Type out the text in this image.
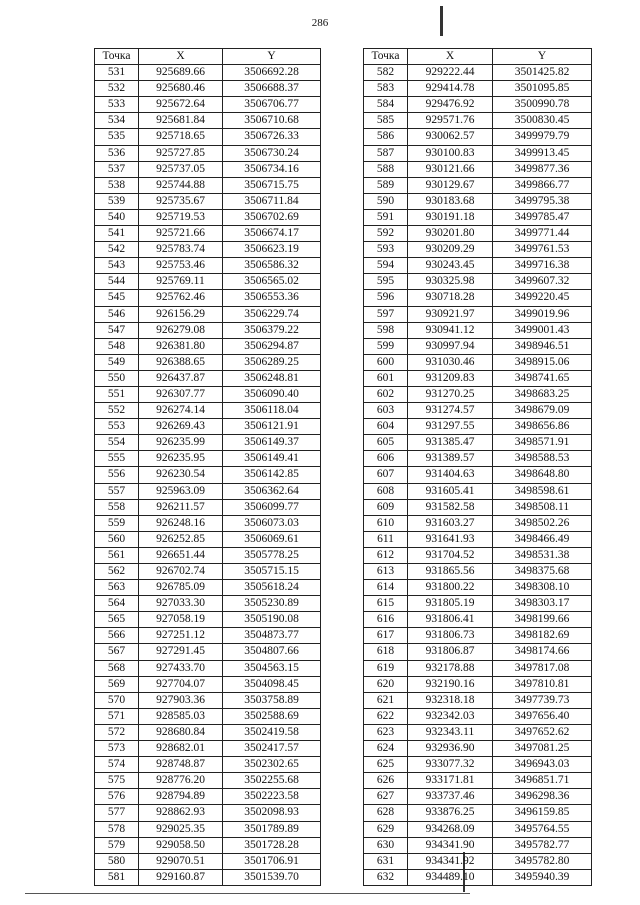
286
Точка	X	Y
531	925689.66	3506692.28
532	925680.46	3506688.37
533	925672.64	3506706.77
534	925681.84	3506710.68
535	925718.65	3506726.33
536	925727.85	3506730.24
537	925737.05	3506734.16
538	925744.88	3506715.75
539	925735.67	3506711.84
540	925719.53	3506702.69
541	925721.66	3506674.17
542	925783.74	3506623.19
543	925753.46	3506586.32
544	925769.11	3506565.02
545	925762.46	3506553.36
546	926156.29	3506229.74
547	926279.08	3506379.22
548	926381.80	3506294.87
549	926388.65	3506289.25
550	926437.87	3506248.81
551	926307.77	3506090.40
552	926274.14	3506118.04
553	926269.43	3506121.91
554	926235.99	3506149.37
555	926235.95	3506149.41
556	926230.54	3506142.85
557	925963.09	3506362.64
558	926211.57	3506099.77
559	926248.16	3506073.03
560	926252.85	3506069.61
561	926651.44	3505778.25
562	926702.74	3505715.15
563	926785.09	3505618.24
564	927033.30	3505230.89
565	927058.19	3505190.08
566	927251.12	3504873.77
567	927291.45	3504807.66
568	927433.70	3504563.15
569	927704.07	3504098.45
570	927903.36	3503758.89
571	928585.03	3502588.69
572	928680.84	3502419.58
573	928682.01	3502417.57
574	928748.87	3502302.65
575	928776.20	3502255.68
576	928794.89	3502223.58
577	928862.93	3502098.93
578	929025.35	3501789.89
579	929058.50	3501728.28
580	929070.51	3501706.91
581	929160.87	3501539.70
Точка	X	Y
582	929222.44	3501425.82
583	929414.78	3501095.85
584	929476.92	3500990.78
585	929571.76	3500830.45
586	930062.57	3499979.79
587	930100.83	3499913.45
588	930121.66	3499877.36
589	930129.67	3499866.77
590	930183.68	3499795.38
591	930191.18	3499785.47
592	930201.80	3499771.44
593	930209.29	3499761.53
594	930243.45	3499716.38
595	930325.98	3499607.32
596	930718.28	3499220.45
597	930921.97	3499019.96
598	930941.12	3499001.43
599	930997.94	3498946.51
600	931030.46	3498915.06
601	931209.83	3498741.65
602	931270.25	3498683.25
603	931274.57	3498679.09
604	931297.55	3498656.86
605	931385.47	3498571.91
606	931389.57	3498588.53
607	931404.63	3498648.80
608	931605.41	3498598.61
609	931582.58	3498508.11
610	931603.27	3498502.26
611	931641.93	3498466.49
612	931704.52	3498531.38
613	931865.56	3498375.68
614	931800.22	3498308.10
615	931805.19	3498303.17
616	931806.41	3498199.66
617	931806.73	3498182.69
618	931806.87	3498174.66
619	932178.88	3497817.08
620	932190.16	3497810.81
621	932318.18	3497739.73
622	932342.03	3497656.40
623	932343.11	3497652.62
624	932936.90	3497081.25
625	933077.32	3496943.03
626	933171.81	3496851.71
627	933737.46	3496298.36
628	933876.25	3496159.85
629	934268.09	3495764.55
630	934341.90	3495782.77
631	934341.92	3495782.80
632	934489.10	3495940.39
